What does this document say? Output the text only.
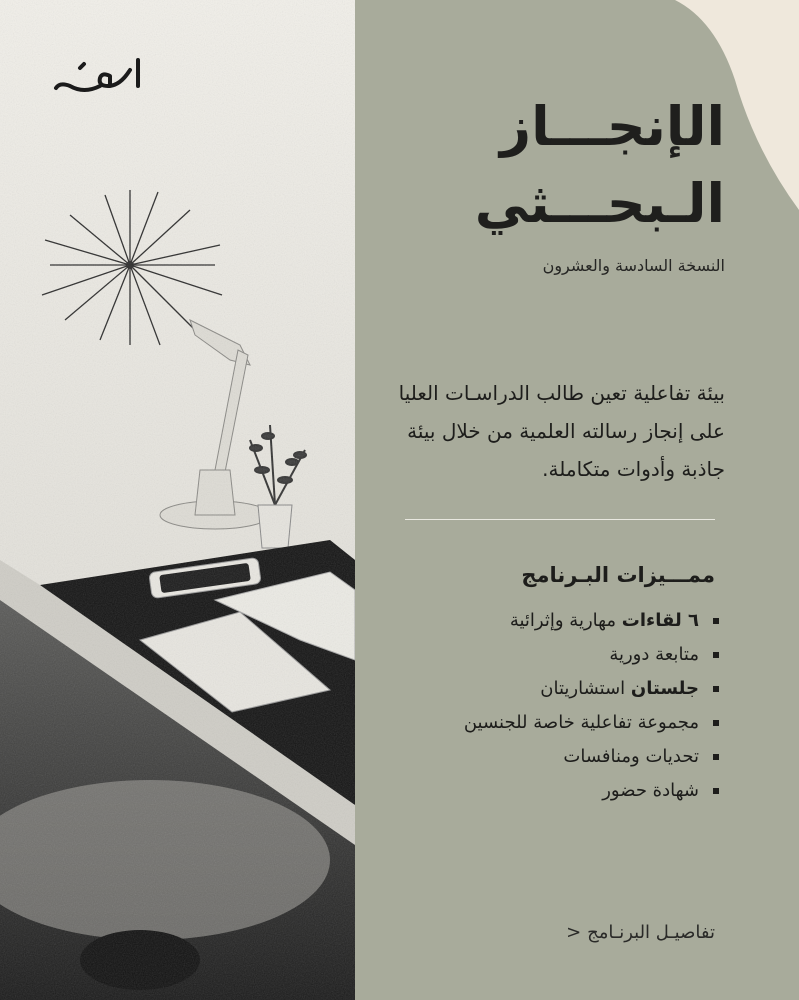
الإنجـــاز
الـبحـــثي
النسخة السادسة والعشرون
بيئة تفاعلية تعين طالب الدراسـات العليا على إنجاز رسالته العلمية من خلال بيئة جاذبة وأدوات متكاملة.
ممـــيزات البـرنامج
٦ لقاءات مهارية وإثرائية
متابعة دورية
جلستان استشاريتان
مجموعة تفاعلية خاصة للجنسين
تحديات ومنافسات
شهادة حضور
تفاصيـل البرنـامج<
